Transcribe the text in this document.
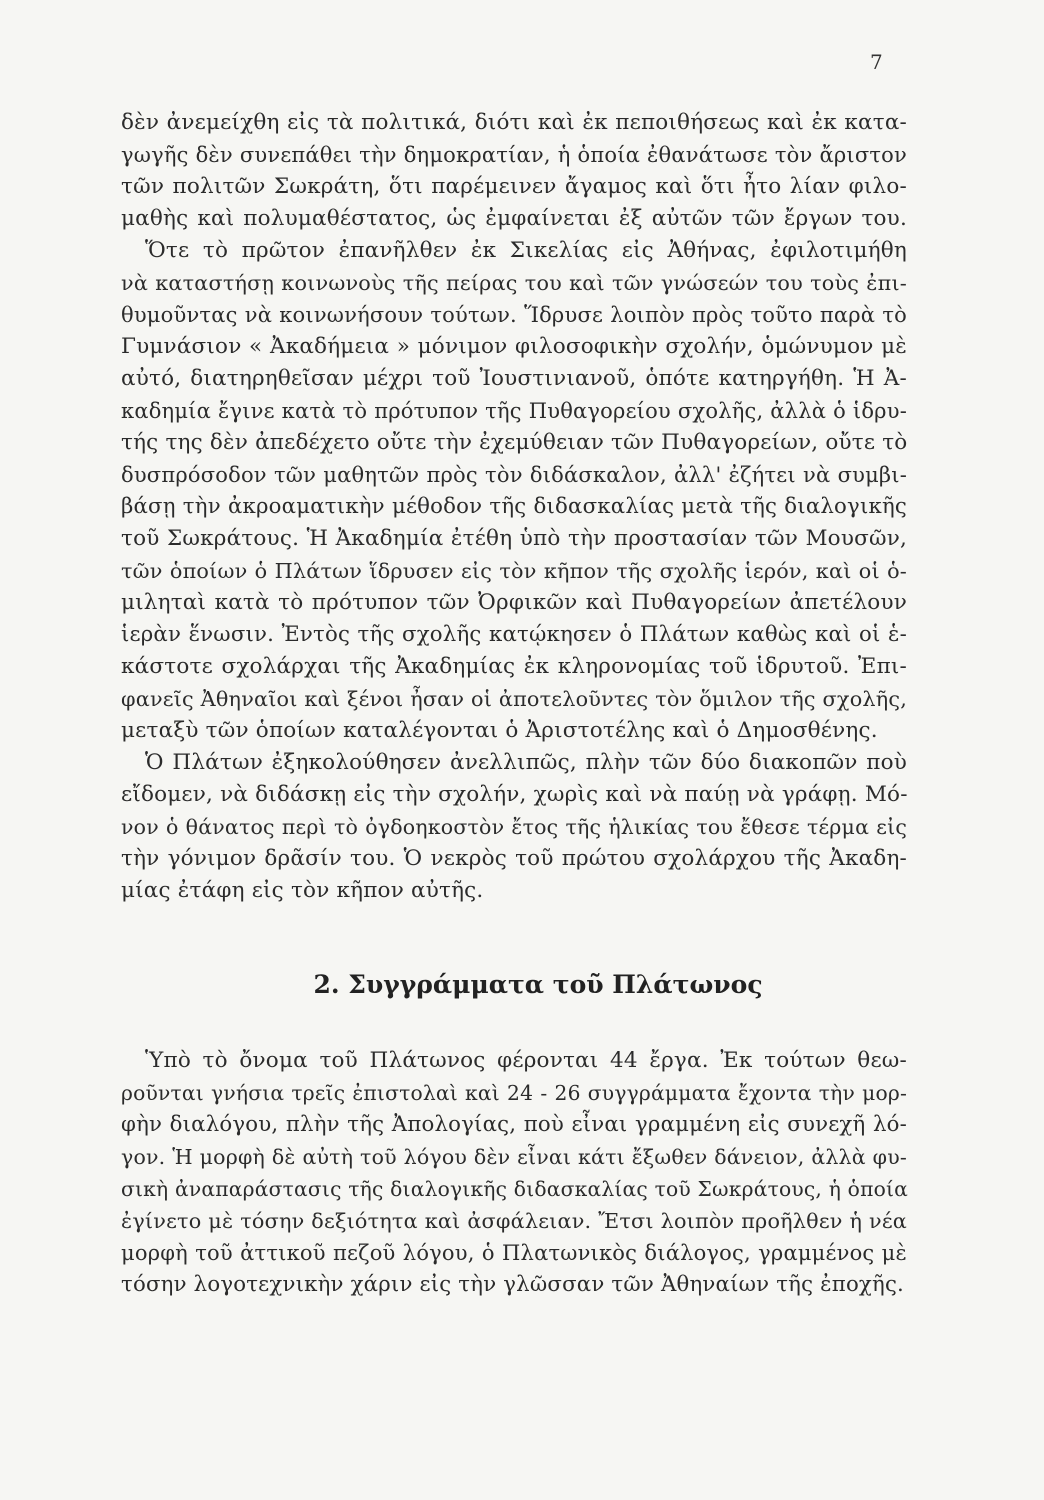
7
δὲν ἀνεμείχθη εἰς τὰ πολιτικά, διότι καὶ ἐκ πεποιθήσεως καὶ ἐκ κατα-
γωγῆς δὲν συνεπάθει τὴν δημοκρατίαν, ἡ ὁποία ἐθανάτωσε τὸν ἄριστον
τῶν πολιτῶν Σωκράτη, ὅτι παρέμεινεν ἄγαμος καὶ ὅτι ἦτο λίαν φιλο-
μαθὴς καὶ πολυμαθέστατος, ὡς ἐμφαίνεται ἐξ αὐτῶν τῶν ἔργων του.
Ὅτε τὸ πρῶτον ἐπανῆλθεν ἐκ Σικελίας εἰς Ἀθήνας, ἐφιλοτιμήθη
νὰ καταστήσῃ κοινωνοὺς τῆς πείρας του καὶ τῶν γνώσεών του τοὺς ἐπι-
θυμοῦντας νὰ κοινωνήσουν τούτων. Ἵδρυσε λοιπὸν πρὸς τοῦτο παρὰ τὸ
Γυμνάσιον « Ἀκαδήμεια » μόνιμον φιλοσοφικὴν σχολήν, ὁμώνυμον μὲ
αὐτό, διατηρηθεῖσαν μέχρι τοῦ Ἰουστινιανοῦ, ὁπότε κατηργήθη. Ἡ Ἀ-
καδημία ἔγινε κατὰ τὸ πρότυπον τῆς Πυθαγορείου σχολῆς, ἀλλὰ ὁ ἱδρυ-
τής της δὲν ἀπεδέχετο οὔτε τὴν ἐχεμύθειαν τῶν Πυθαγορείων, οὔτε τὸ
δυσπρόσοδον τῶν μαθητῶν πρὸς τὸν διδάσκαλον, ἀλλ' ἐζήτει νὰ συμβι-
βάσῃ τὴν ἀκροαματικὴν μέθοδον τῆς διδασκαλίας μετὰ τῆς διαλογικῆς
τοῦ Σωκράτους. Ἡ Ἀκαδημία ἐτέθη ὑπὸ τὴν προστασίαν τῶν Μουσῶν,
τῶν ὁποίων ὁ Πλάτων ἵδρυσεν εἰς τὸν κῆπον τῆς σχολῆς ἱερόν, καὶ οἱ ὁ-
μιληταὶ κατὰ τὸ πρότυπον τῶν Ὀρφικῶν καὶ Πυθαγορείων ἀπετέλουν
ἱερὰν ἕνωσιν. Ἐντὸς τῆς σχολῆς κατῴκησεν ὁ Πλάτων καθὼς καὶ οἱ ἑ-
κάστοτε σχολάρχαι τῆς Ἀκαδημίας ἐκ κληρονομίας τοῦ ἱδρυτοῦ. Ἐπι-
φανεῖς Ἀθηναῖοι καὶ ξένοι ἦσαν οἱ ἀποτελοῦντες τὸν ὅμιλον τῆς σχολῆς,
μεταξὺ τῶν ὁποίων καταλέγονται ὁ Ἀριστοτέλης καὶ ὁ Δημοσθένης.
Ὁ Πλάτων ἐξηκολούθησεν ἀνελλιπῶς, πλὴν τῶν δύο διακοπῶν ποὺ
εἴδομεν, νὰ διδάσκῃ εἰς τὴν σχολήν, χωρὶς καὶ νὰ παύῃ νὰ γράφῃ. Μό-
νον ὁ θάνατος περὶ τὸ ὀγδοηκοστὸν ἔτος τῆς ἡλικίας του ἔθεσε τέρμα εἰς
τὴν γόνιμον δρᾶσίν του. Ὁ νεκρὸς τοῦ πρώτου σχολάρχου τῆς Ἀκαδη-
μίας ἐτάφη εἰς τὸν κῆπον αὐτῆς.
2. Συγγράμματα τοῦ Πλάτωνος
Ὑπὸ τὸ ὄνομα τοῦ Πλάτωνος φέρονται 44 ἔργα. Ἐκ τούτων θεω-
ροῦνται γνήσια τρεῖς ἐπιστολαὶ καὶ 24 - 26 συγγράμματα ἔχοντα τὴν μορ-
φὴν διαλόγου, πλὴν τῆς Ἀπολογίας, ποὺ εἶναι γραμμένη εἰς συνεχῆ λό-
γον. Ἡ μορφὴ δὲ αὐτὴ τοῦ λόγου δὲν εἶναι κάτι ἔξωθεν δάνειον, ἀλλὰ φυ-
σικὴ ἀναπαράστασις τῆς διαλογικῆς διδασκαλίας τοῦ Σωκράτους, ἡ ὁποία
ἐγίνετο μὲ τόσην δεξιότητα καὶ ἀσφάλειαν. Ἔτσι λοιπὸν προῆλθεν ἡ νέα
μορφὴ τοῦ ἀττικοῦ πεζοῦ λόγου, ὁ Πλατωνικὸς διάλογος, γραμμένος μὲ
τόσην λογοτεχνικὴν χάριν εἰς τὴν γλῶσσαν τῶν Ἀθηναίων τῆς ἐποχῆς.
